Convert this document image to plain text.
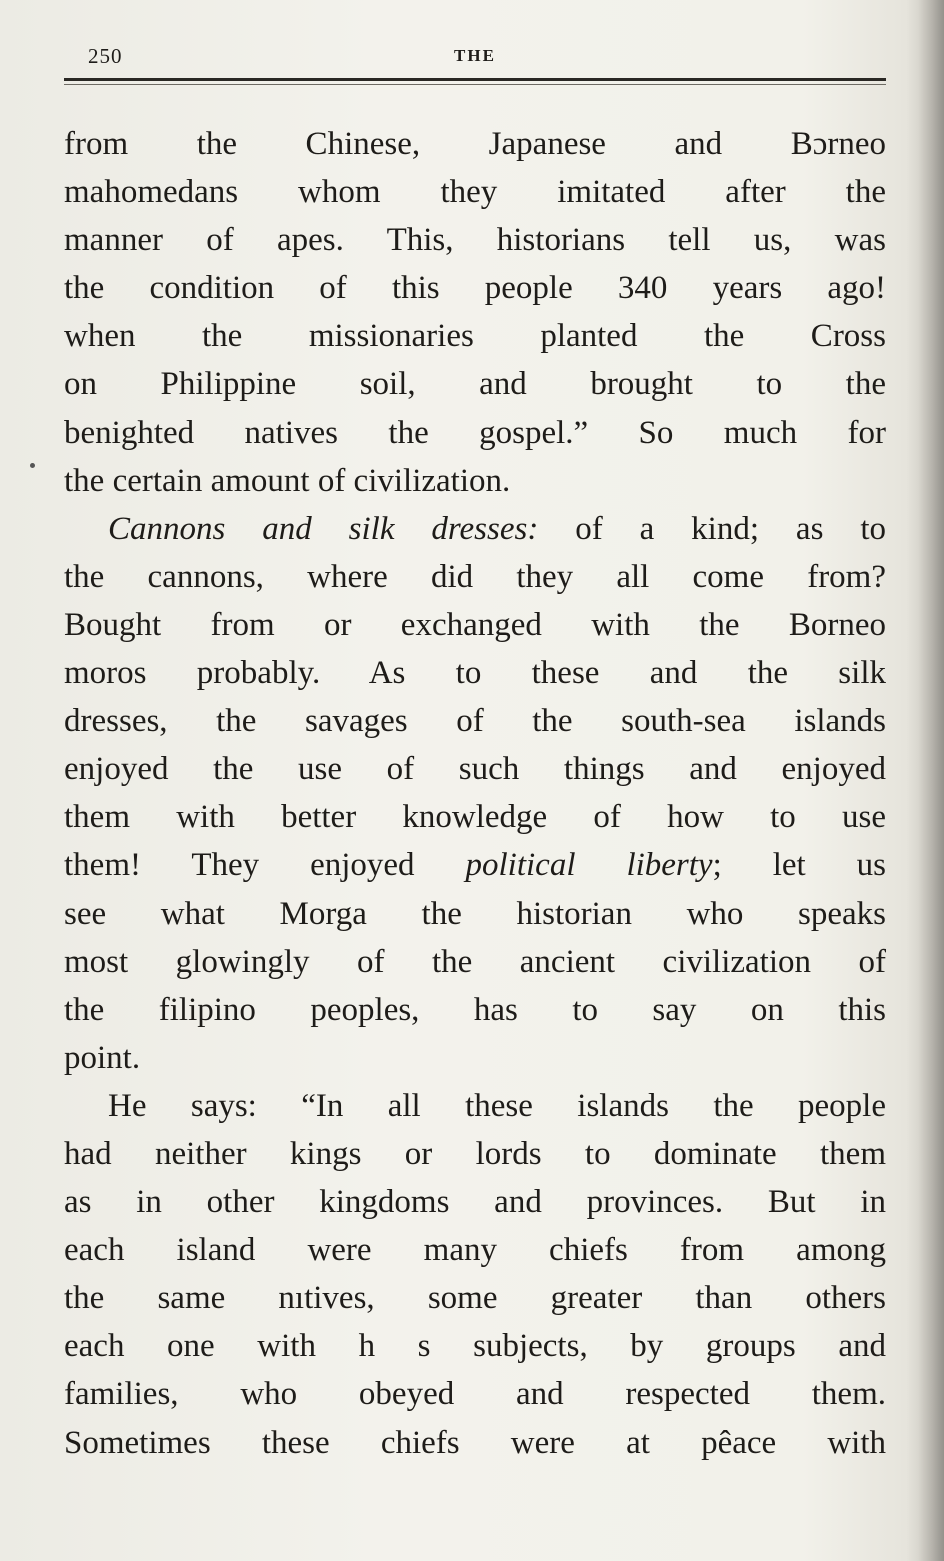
250	THE
from the Chinese, Japanese and Bɔrneo
mahomedans whom they imitated after the
manner of apes. This, historians tell us, was
the condition of this people 340 years ago!
when the missionaries planted the Cross
on Philippine soil, and brought to the
benighted natives the gospel.” So much for
the certain amount of civilization.
Cannons and silk dresses: of a kind; as to
the cannons, where did they all come from?
Bought from or exchanged with the Borneo
moros probably. As to these and the silk
dresses, the savages of the south-sea islands
enjoyed the use of such things and enjoyed
them with better knowledge of how to use
them! They enjoyed political liberty; let us
see what Morga the historian who speaks
most glowingly of the ancient civilization of
the filipino peoples, has to say on this
point.
He says: “In all these islands the people
had neither kings or lords to dominate them
as in other kingdoms and provinces. But in
each island were many chiefs from among
the same nıtives, some greater than others
each one with h s subjects, by groups and
families, who obeyed and respected them.
Sometimes these chiefs were at pêace with
